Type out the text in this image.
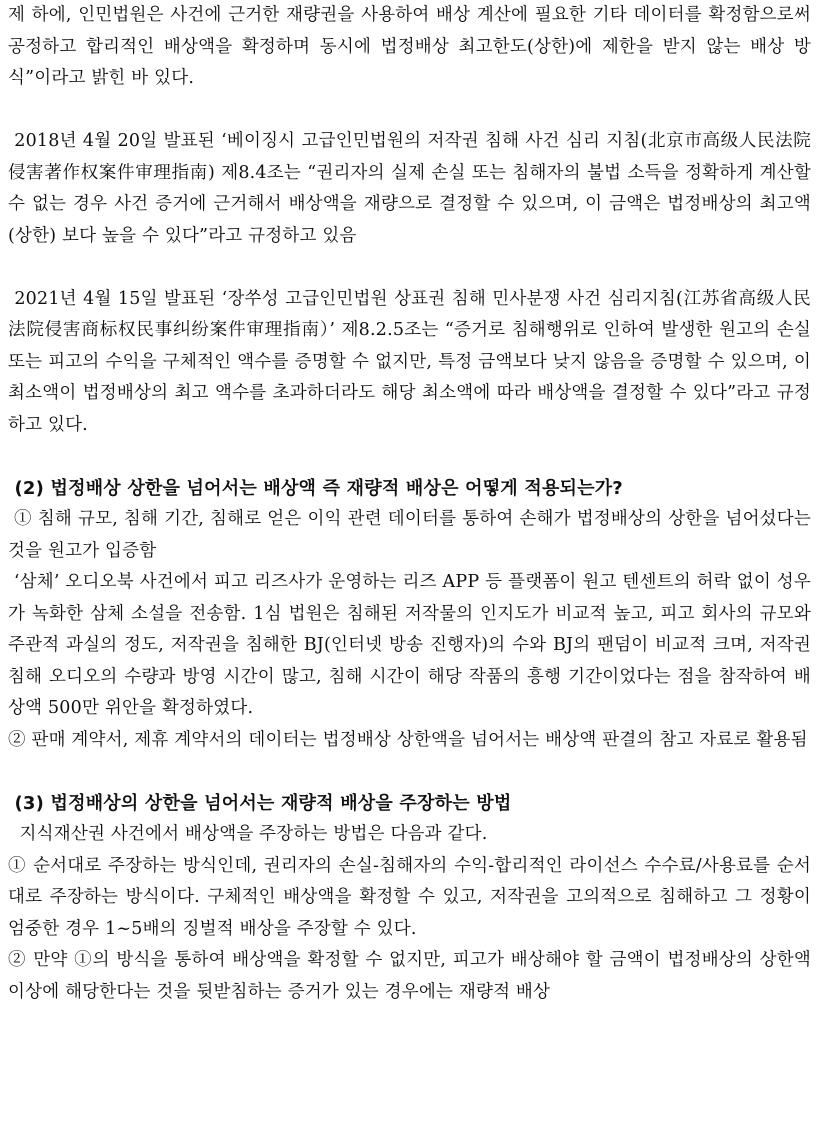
제 하에, 인민법원은 사건에 근거한 재량권을 사용하여 배상 계산에 필요한 기타 데이터를 확정함으로써 공정하고 합리적인 배상액을 확정하며 동시에 법정배상 최고한도(상한)에 제한을 받지 않는 배상 방식”이라고 밝힌 바 있다.

2018년 4월 20일 발표된 ‘베이징시 고급인민법원의 저작권 침해 사건 심리 지침(北京市高级人民法院侵害著作权案件审理指南) 제8.4조는 “권리자의 실제 손실 또는 침해자의 불법 소득을 정확하게 계산할 수 없는 경우 사건 증거에 근거해서 배상액을 재량으로 결정할 수 있으며, 이 금액은 법정배상의 최고액(상한) 보다 높을 수 있다”라고 규정하고 있음

2021년 4월 15일 발표된 ‘장쑤성 고급인민법원 상표권 침해 민사분쟁 사건 심리지침(江苏省高级人民法院侵害商标权民事纠纷案件审理指南）’ 제8.2.5조는 “증거로 침해행위로 인하여 발생한 원고의 손실 또는 피고의 수익을 구체적인 액수를 증명할 수 없지만, 특정 금액보다 낮지 않음을 증명할 수 있으며, 이 최소액이 법정배상의 최고 액수를 초과하더라도 해당 최소액에 따라 배상액을 결정할 수 있다”라고 규정하고 있다.

(2) 법정배상 상한을 넘어서는 배상액 즉 재량적 배상은 어떻게 적용되는가?

① 침해 규모, 침해 기간, 침해로 얻은 이익 관련 데이터를 통하여 손해가 법정배상의 상한을 넘어섰다는 것을 원고가 입증함

‘삼체’ 오디오북 사건에서 피고 리즈사가 운영하는 리즈 APP 등 플랫폼이 원고 텐센트의 허락 없이 성우가 녹화한 삼체 소설을 전송함. 1심 법원은 침해된 저작물의 인지도가 비교적 높고, 피고 회사의 규모와 주관적 과실의 정도, 저작권을 침해한 BJ(인터넷 방송 진행자)의 수와 BJ의 팬덤이 비교적 크며, 저작권 침해 오디오의 수량과 방영 시간이 많고, 침해 시간이 해당 작품의 흥행 기간이었다는 점을 참작하여 배상액 500만 위안을 확정하였다.

② 판매 계약서, 제휴 계약서의 데이터는 법정배상 상한액을 넘어서는 배상액 판결의 참고 자료로 활용됨

(3) 법정배상의 상한을 넘어서는 재량적 배상을 주장하는 방법

지식재산권 사건에서 배상액을 주장하는 방법은 다음과 같다.

① 순서대로 주장하는 방식인데, 권리자의 손실-침해자의 수익-합리적인 라이선스 수수료/사용료를 순서대로 주장하는 방식이다. 구체적인 배상액을 확정할 수 있고, 저작권을 고의적으로 침해하고 그 정황이 엄중한 경우 1~5배의 징벌적 배상을 주장할 수 있다.

② 만약 ①의 방식을 통하여 배상액을 확정할 수 없지만, 피고가 배상해야 할 금액이 법정배상의 상한액 이상에 해당한다는 것을 뒷받침하는 증거가 있는 경우에는 재량적 배상
